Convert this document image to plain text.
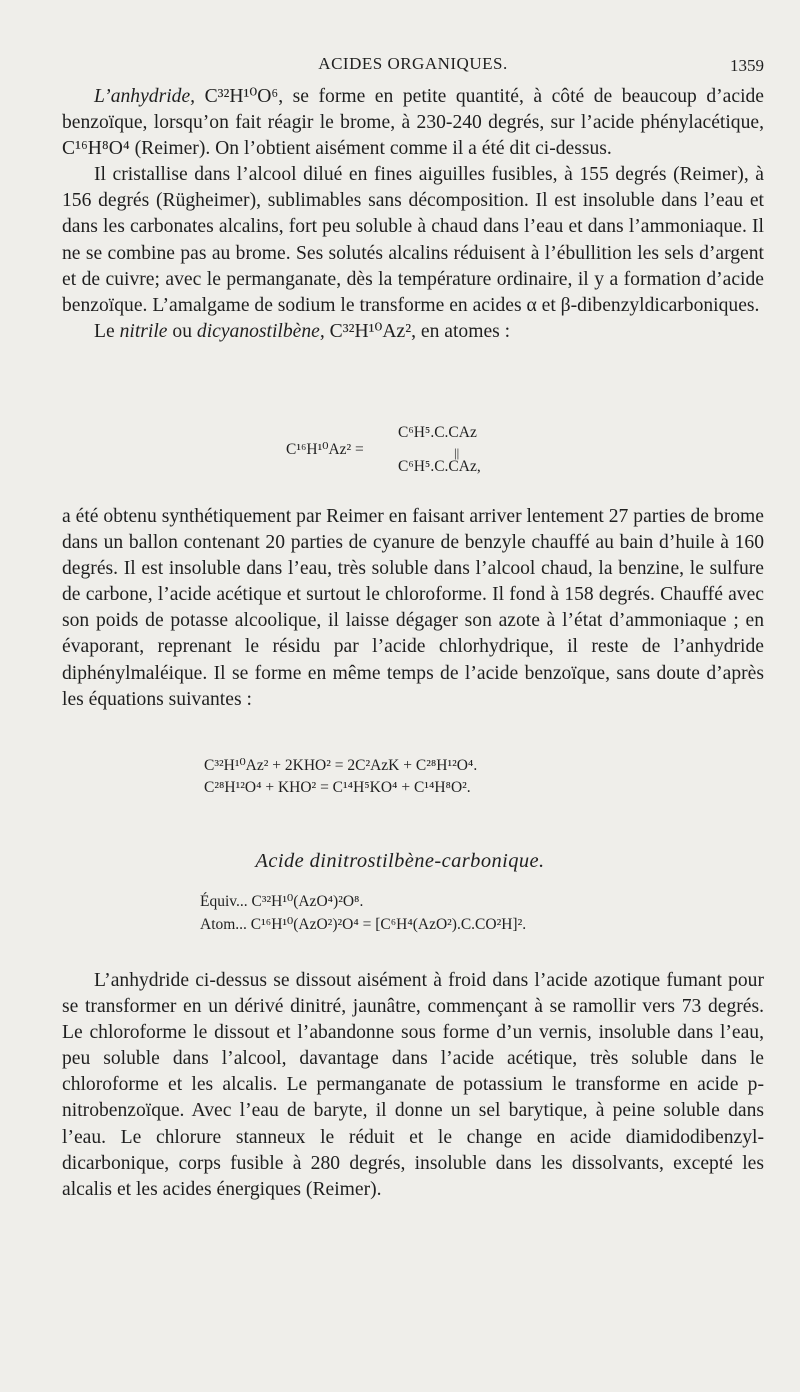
ACIDES ORGANIQUES.	1359

L’anhydride, C³²H¹⁰O⁶, se forme en petite quantité, à côté de beaucoup d’acide benzoïque, lorsqu’on fait réagir le brome, à 230-240 degrés, sur l’acide phénylacétique, C¹⁶H⁸O⁴ (Reimer). On l’obtient aisément comme il a été dit ci-dessus.

Il cristallise dans l’alcool dilué en fines aiguilles fusibles, à 155 degrés (Reimer), à 156 degrés (Rügheimer), sublimables sans décomposition. Il est insoluble dans l’eau et dans les carbonates alcalins, fort peu soluble à chaud dans l’eau et dans l’ammoniaque. Il ne se combine pas au brome. Ses solutés alcalins réduisent à l’ébullition les sels d’argent et de cuivre; avec le permanganate, dès la température ordinaire, il y a formation d’acide benzoïque. L’amalgame de sodium le transforme en acides α et β-dibenzyldicarboniques.

Le nitrile ou dicyanostilbène, C³²H¹⁰Az², en atomes :

C¹⁶H¹⁰Az² =
C⁶H⁵.C.CAz
||
C⁶H⁵.C.CAz,

a été obtenu synthétiquement par Reimer en faisant arriver lentement 27 parties de brome dans un ballon contenant 20 parties de cyanure de benzyle chauffé au bain d’huile à 160 degrés. Il est insoluble dans l’eau, très soluble dans l’alcool chaud, la benzine, le sulfure de carbone, l’acide acétique et surtout le chloroforme. Il fond à 158 degrés. Chauffé avec son poids de potasse alcoolique, il laisse dégager son azote à l’état d’ammoniaque ; en évaporant, reprenant le résidu par l’acide chlorhydrique, il reste de l’anhydride diphénylmaléique. Il se forme en même temps de l’acide benzoïque, sans doute d’après les équations suivantes :

C³²H¹⁰Az² + 2KHO² = 2C²AzK + C²⁸H¹²O⁴.
C²⁸H¹²O⁴ + KHO² = C¹⁴H⁵KO⁴ + C¹⁴H⁸O².
Acide dinitrostilbène-carbonique.
Équiv... C³²H¹⁰(AzO⁴)²O⁸.
Atom... C¹⁶H¹⁰(AzO²)²O⁴ = [C⁶H⁴(AzO²).C.CO²H]².

L’anhydride ci-dessus se dissout aisément à froid dans l’acide azotique fumant pour se transformer en un dérivé dinitré, jaunâtre, commençant à se ramollir vers 73 degrés. Le chloroforme le dissout et l’abandonne sous forme d’un vernis, insoluble dans l’eau, peu soluble dans l’alcool, davantage dans l’acide acétique, très soluble dans le chloroforme et les alcalis. Le permanganate de potassium le transforme en acide p-nitrobenzoïque. Avec l’eau de baryte, il donne un sel barytique, à peine soluble dans l’eau. Le chlorure stanneux le réduit et le change en acide diamidodibenzyl-dicarbonique, corps fusible à 280 degrés, insoluble dans les dissolvants, excepté les alcalis et les acides énergiques (Reimer).
